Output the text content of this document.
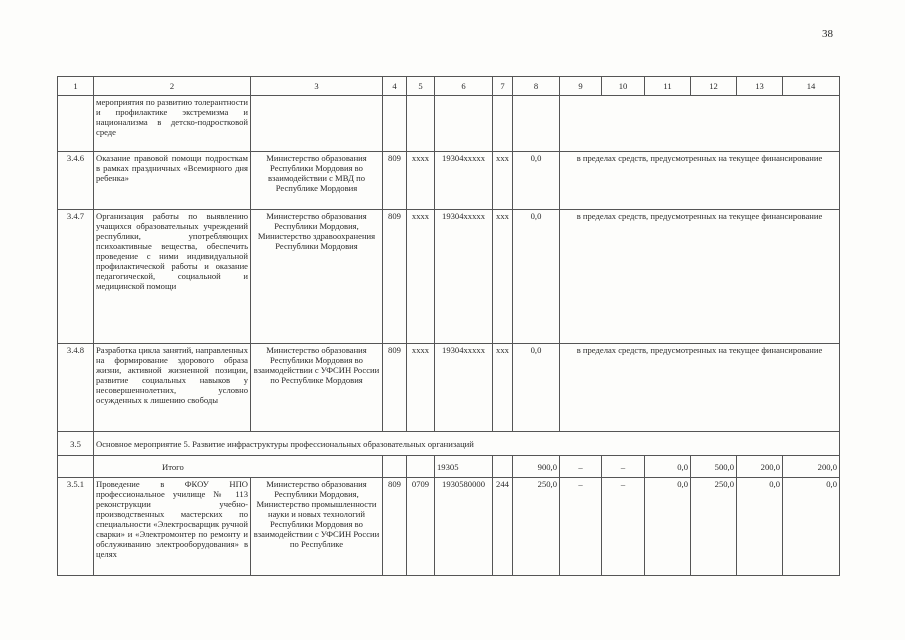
38
1	2	3	4	5	6	7	8	9	10	11	12	13	14
	мероприятия по развитию толерантности и профилактике экстремизма и национализма в детско-подростковой среде												
3.4.6	Оказание правовой помощи подросткам в рамках праздничных «Всемирного дня ребенка»	Министерство образования Республики Мордовия во взаимодействии с МВД по Республике Мордовия	809	хххх	19304ххххх	ххх	0,0	в пределах средств, предусмотренных на текущее финансирование					
3.4.7	Организация работы по выявлению учащихся образовательных учреждений республики, употребляющих психоактивные вещества, обеспечить проведение с ними индивидуальной профилактической работы и оказание педагогической, социальной и медицинской помощи	Министерство образования Республики Мордовия, Министерство здравоохранения Республики Мордовия	809	хххх	19304ххххх	ххх	0,0	в пределах средств, предусмотренных на текущее финансирование					
3.4.8	Разработка цикла занятий, направленных на формирование здорового образа жизни, активной жизненной позиции, развитие социальных навыков у несовершеннолетних, условно осужденных к лишению свободы	Министерство образования Республики Мордовия во взаимодействии с УФСИН России по Республике Мордовия	809	хххх	19304ххххх	ххх	0,0	в пределах средств, предусмотренных на текущее финансирование					
3.5	Основное мероприятие 5. Развитие инфраструктуры профессиональных образовательных организаций												
	Итого				19305		900,0	–	–	0,0	500,0	200,0	200,0
3.5.1	Проведение в ФКОУ НПО профессиональное училище № 113 реконструкции учебно-производственных мастерских по специальности «Электросварщик ручной сварки» и «Электромонтер по ремонту и обслуживанию электрооборудования» в целях	Министерство образования Республики Мордовия, Министерство промышленности науки и новых технологий Республики Мордовия во взаимодействии с УФСИН России по Республике	809	0709	1930580000	244	250,0	–	–	0,0	250,0	0,0	0,0
